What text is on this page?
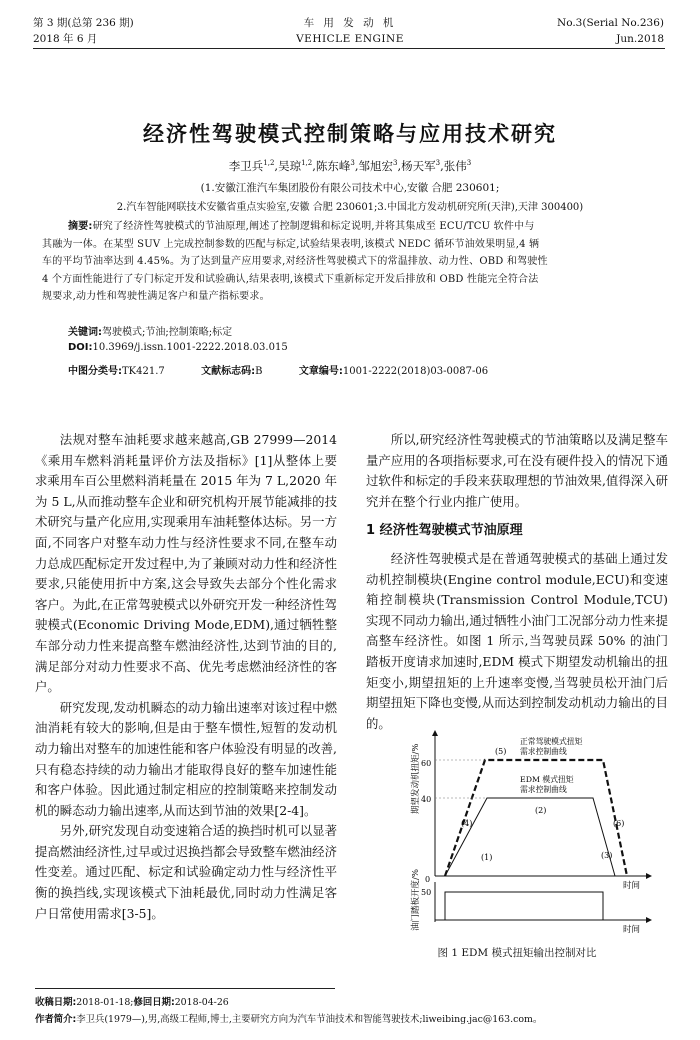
第 3 期(总第 236 期)
2018 年 6 月
车 用 发 动 机
VEHICLE ENGINE
No.3(Serial No.236)
Jun.2018
经济性驾驶模式控制策略与应用技术研究
李卫兵$^{1,2}$,吴琼$^{1,2}$,陈东峰$^3$,邹旭宏$^3$,杨天军$^3$,张伟$^3$
(1.安徽江淮汽车集团股份有限公司技术中心,安徽 合肥 230601;
2.汽车智能网联技术安徽省重点实验室,安徽 合肥 230601;3.中国北方发动机研究所(天津),天津 300400)
摘要:研究了经济性驾驶模式的节油原理,阐述了控制逻辑和标定说明,并将其集成至 ECU/TCU 软件中与
其融为一体。在某型 SUV 上完成控制参数的匹配与标定,试验结果表明,该模式 NEDC 循环节油效果明显,4 辆
车的平均节油率达到 4.45%。为了达到量产应用要求,对经济性驾驶模式下的常温排放、动力性、OBD 和驾驶性
4 个方面性能进行了专门标定开发和试验确认,结果表明,该模式下重新标定开发后排放和 OBD 性能完全符合法
规要求,动力性和驾驶性满足客户和量产指标要求。
关键词:驾驶模式;节油;控制策略;标定
DOI:10.3969/j.issn.1001-2222.2018.03.015
中图分类号:TK421.7	文献标志码:B	文章编号:1001-2222(2018)03-0087-06

法规对整车油耗要求越来越高,GB 27999—2014《乘用车燃料消耗量评价方法及指标》[1]从整体上要求乘用车百公里燃料消耗量在 2015 年为 7 L,2020 年为 5 L,从而推动整车企业和研究机构开展节能减排的技术研究与量产化应用,实现乘用车油耗整体达标。另一方面,不同客户对整车动力性与经济性要求不同,在整车动力总成匹配标定开发过程中,为了兼顾对动力性和经济性要求,只能使用折中方案,这会导致失去部分个性化需求客户。为此,在正常驾驶模式以外研究开发一种经济性驾驶模式(Economic Driving Mode,EDM),通过牺牲整车部分动力性来提高整车燃油经济性,达到节油的目的,满足部分对动力性要求不高、优先考虑燃油经济性的客户。

研究发现,发动机瞬态的动力输出速率对该过程中燃油消耗有较大的影响,但是由于整车惯性,短暂的发动机动力输出对整车的加速性能和客户体验没有明显的改善,只有稳态持续的动力输出才能取得良好的整车加速性能和客户体验。因此通过制定相应的控制策略来控制发动机的瞬态动力输出速率,从而达到节油的效果[2-4]。

另外,研究发现自动变速箱合适的换挡时机可以显著提高燃油经济性,过早或过迟换挡都会导致整车燃油经济性变差。通过匹配、标定和试验确定动力性与经济性平衡的换挡线,实现该模式下油耗最优,同时动力性满足客户日常使用需求[3-5]。

所以,研究经济性驾驶模式的节油策略以及满足整车量产应用的各项指标要求,可在没有硬件投入的情况下通过软件和标定的手段来获取理想的节油效果,值得深入研究并在整个行业内推广使用。

1 经济性驾驶模式节油原理

经济性驾驶模式是在普通驾驶模式的基础上通过发动机控制模块(Engine control module,ECU)和变速箱控制模块(Transmission Control Module,TCU)实现不同动力输出,通过牺牲小油门工况部分动力性来提高整车经济性。如图 1 所示,当驾驶员踩 50% 的油门踏板开度请求加速时,EDM 模式下期望发动机输出的扭矩变小,期望扭矩的上升速率变慢,当驾驶员松开油门后期望扭矩下降也变慢,从而达到控制发动机动力输出的目的。

期望发动机扭矩/% 60
40
0
时间
正常驾驶模式扭矩
需求控制曲线
EDM 模式扭矩
需求控制曲线
(5)
(2)
(4)
(1)
(6)
(3)
50
油门踏板开度/%	时间
图 1 EDM 模式扭矩输出控制对比
收稿日期:2018-01-18;修回日期:2018-04-26
作者简介:李卫兵(1979—),男,高级工程师,博士,主要研究方向为汽车节油技术和智能驾驶技术;liweibing.jac@163.com。
